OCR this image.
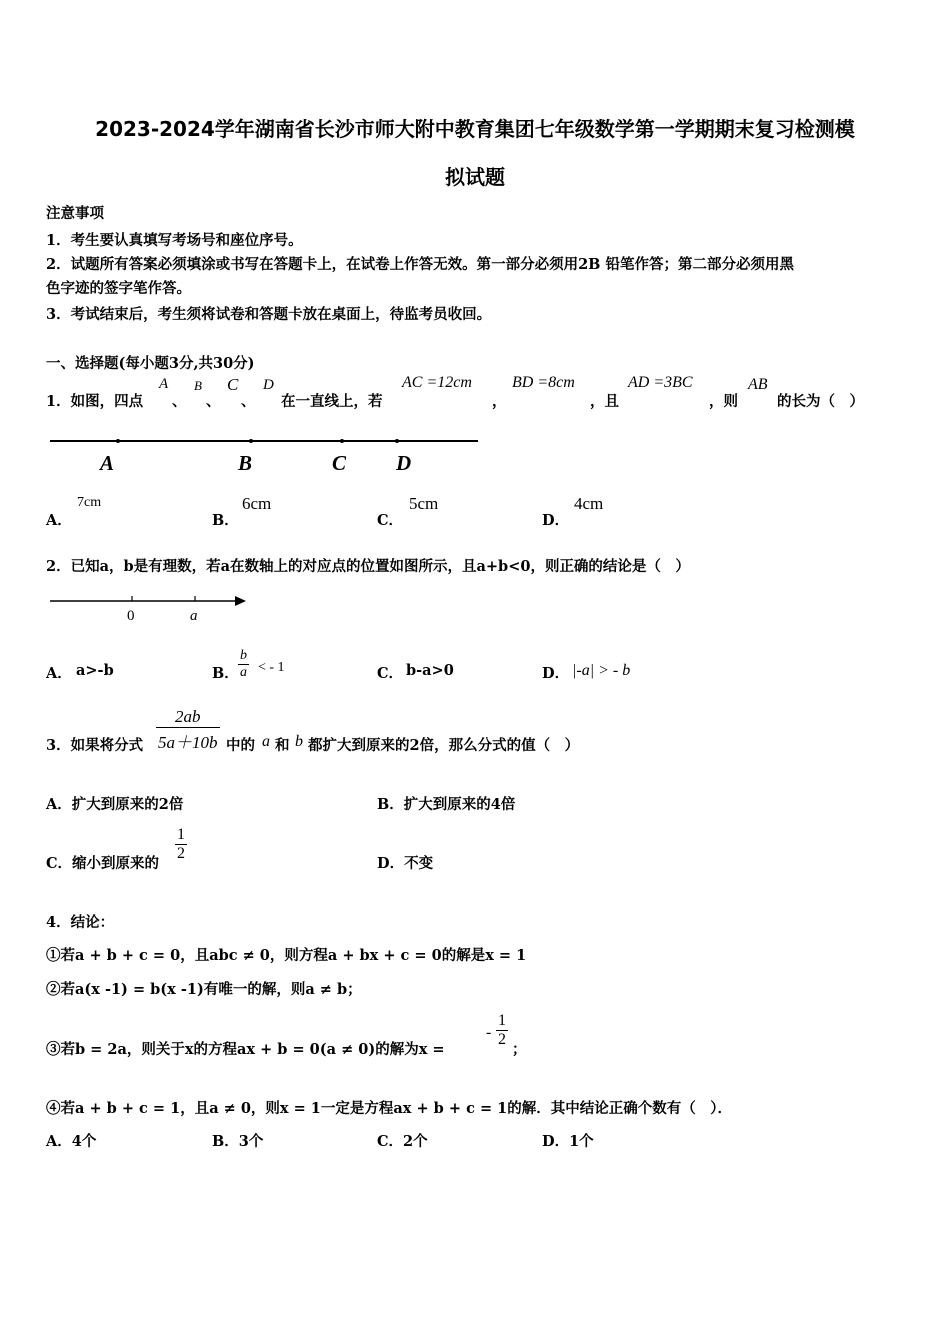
2023-2024学年湖南省长沙市师大附中教育集团七年级数学第一学期期末复习检测模
拟试题
注意事项
1．考生要认真填写考场号和座位序号。
2．试题所有答案必须填涂或书写在答题卡上，在试卷上作答无效。第一部分必须用2B 铅笔作答；第二部分必须用黑
色字迹的签字笔作答。
3．考试结束后，考生须将试卷和答题卡放在桌面上，待监考员收回。
一、选择题(每小题3分,共30分)
1．如图，四点
A
、
B
、
C
、
D
在一直线上，若
AC =12cm
，
BD =8cm
，且
AD =3BC
，则
AB
的长为（　）
A	B	C D
A．
7cm
B．
6cm
C．
5cm
D．
4cm
2．已知a，b是有理数，若a在数轴上的对应点的位置如图所示，且a+b<0，则正确的结论是（　）
0	a
A． a>-b	B． $\frac{b}{a}$ < - 1	C． b-a>0	D． |-a| > - b
3．如果将分式 $\frac{2ab}{5a+10b}$ 中的 a 和 b 都扩大到原来的2倍，那么分式的值（　）
A．扩大到原来的2倍	B．扩大到原来的4倍
C．缩小到原来的
$\frac{1}{2}$
D．不变
4．结论：
①若a + b + c = 0，且abc ≠ 0，则方程a + bx + c = 0的解是x = 1
②若a(x -1) = b(x -1)有唯一的解，则a ≠ b；
③若b = 2a，则关于x的方程ax + b = 0(a ≠ 0)的解为x =
- $\frac{1}{2}$
；
④若a + b + c = 1，且a ≠ 0，则x = 1一定是方程ax + b + c = 1的解．其中结论正确个数有（　）．
A．4个	B．3个	C．2个	D．1个
